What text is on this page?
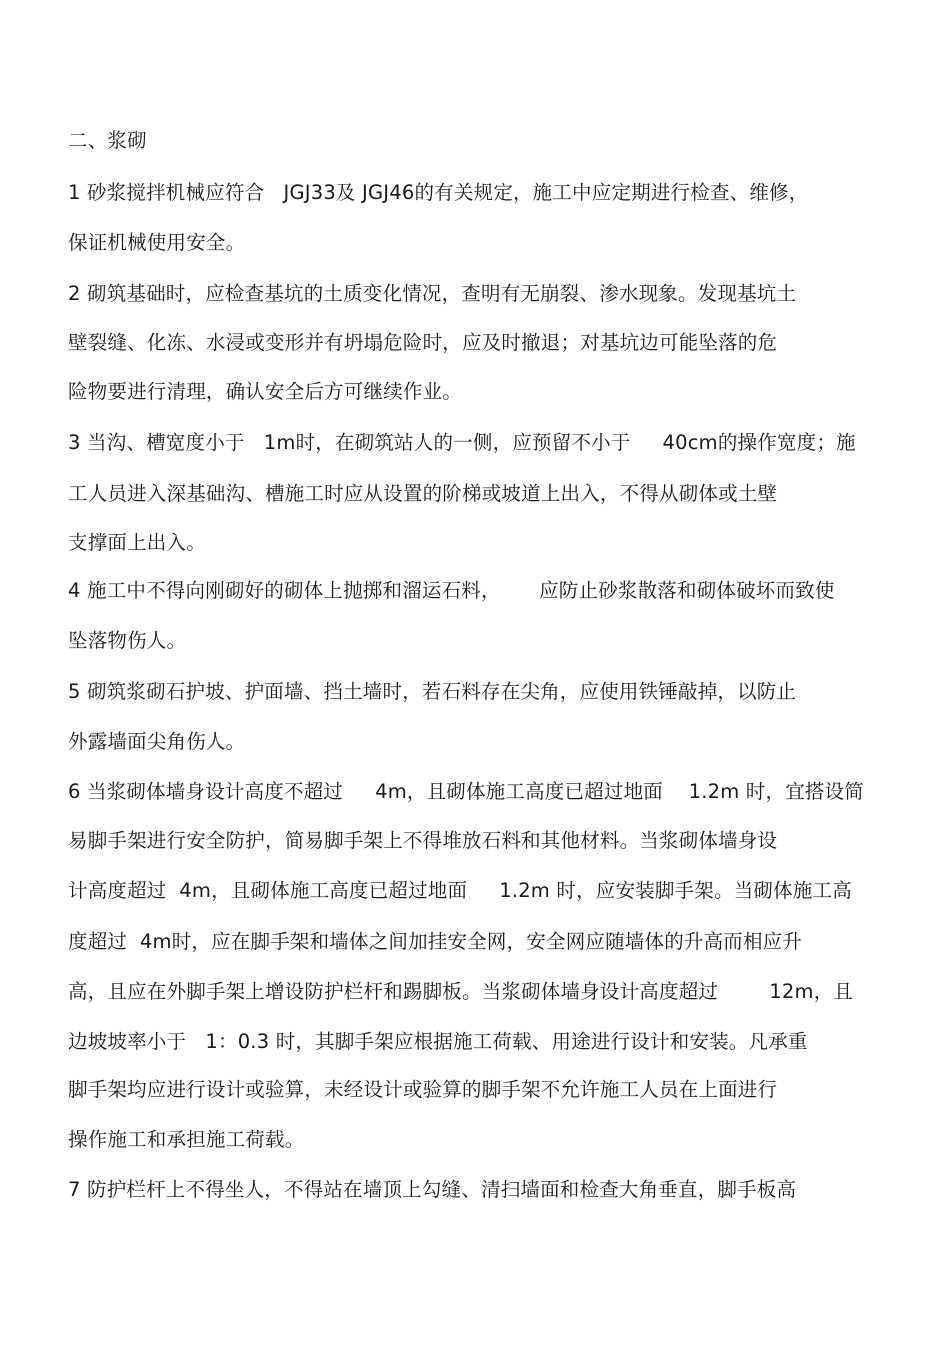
二、浆砌
1 砂浆搅拌机械应符合   JGJ33及 JGJ46的有关规定，施工中应定期进行检查、维修，
保证机械使用安全。
2 砌筑基础时，应检查基坑的土质变化情况，查明有无崩裂、渗水现象。发现基坑土
壁裂缝、化冻、水浸或变形并有坍塌危险时，应及时撤退；对基坑边可能坠落的危
险物要进行清理，确认安全后方可继续作业。
3 当沟、槽宽度小于   1m时，在砌筑站人的一侧，应预留不小于     40cm的操作宽度；施
工人员进入深基础沟、槽施工时应从设置的阶梯或坡道上出入，不得从砌体或土壁
支撑面上出入。
4 施工中不得向刚砌好的砌体上抛掷和溜运石料，      应防止砂浆散落和砌体破坏而致使
坠落物伤人。
5 砌筑浆砌石护坡、护面墙、挡土墙时，若石料存在尖角，应使用铁锤敲掉，以防止
外露墙面尖角伤人。
6 当浆砌体墙身设计高度不超过     4m，且砌体施工高度已超过地面    1.2m 时，宜搭设简
易脚手架进行安全防护，简易脚手架上不得堆放石料和其他材料。当浆砌体墙身设
计高度超过  4m，且砌体施工高度已超过地面     1.2m 时，应安装脚手架。当砌体施工高
度超过  4m时，应在脚手架和墙体之间加挂安全网，安全网应随墙体的升高而相应升
高，且应在外脚手架上增设防护栏杆和踢脚板。当浆砌体墙身设计高度超过        12m，且
边坡坡率小于   1：0.3 时，其脚手架应根据施工荷载、用途进行设计和安装。凡承重
脚手架均应进行设计或验算，未经设计或验算的脚手架不允许施工人员在上面进行
操作施工和承担施工荷载。
7 防护栏杆上不得坐人，不得站在墙顶上勾缝、清扫墙面和检查大角垂直，脚手板高
